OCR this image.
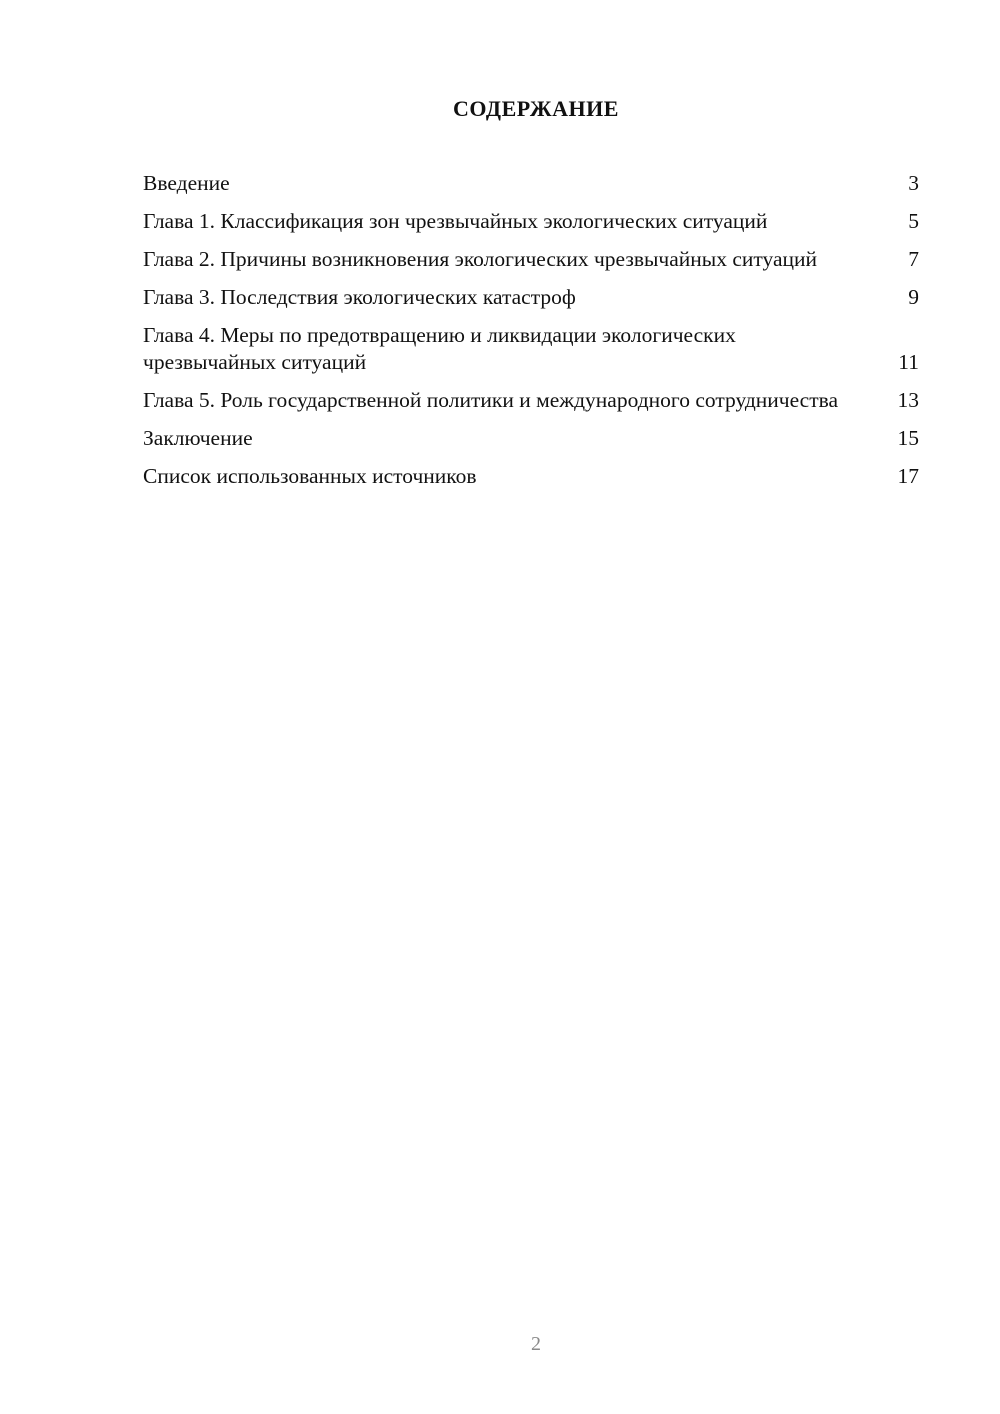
СОДЕРЖАНИЕ
Введение	3
Глава 1. Классификация зон чрезвычайных экологических ситуаций	5
Глава 2. Причины возникновения экологических чрезвычайных ситуаций	7
Глава 3. Последствия экологических катастроф	9
Глава 4. Меры по предотвращению и ликвидации экологических чрезвычайных ситуаций	11
Глава 5. Роль государственной политики и международного сотрудничества	13
Заключение	15
Список использованных источников	17
2
